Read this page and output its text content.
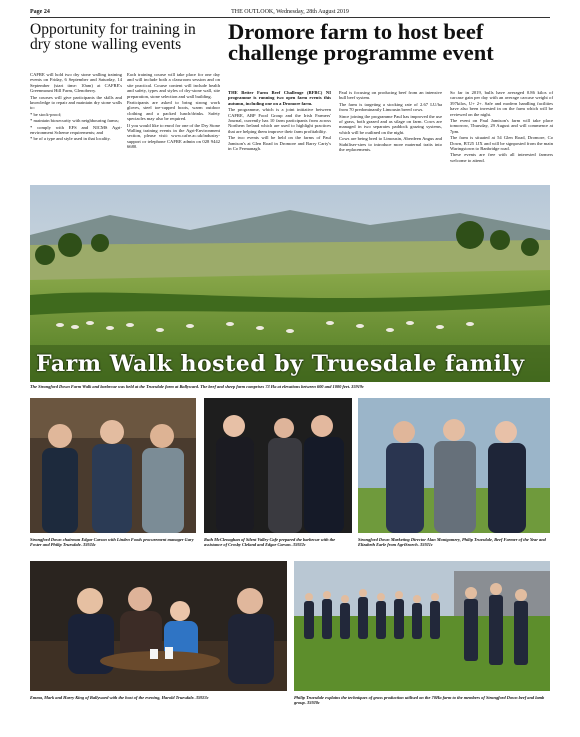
Page 24	THE OUTLOOK, Wednesday, 28th August 2019
Opportunity for training in dry stone walling events

CAFRE will hold two dry stone walling training events on Friday, 6 September and Saturday, 14 September (start time: 10am) at CAFRE's Greenmount Hill Farm, Glenoberry.

The courses will give participants the skills and knowledge to repair and maintain dry stone walls to:

* be stock-proof;

* maintain biosecurity with neighbouring farms;

* comply with EFS and NICMS Agri-environment Scheme requirements; and

* be of a type and style used in that locality.

Each training course will take place for one day and will include both a classroom session and on site practical. Course content will include health and safety, types and styles of dry-stone wall, site preparation, stone selection and wall building.

Participants are asked to bring strong work gloves, steel toe-capped boots, warm outdoor clothing and a packed lunch/drinks. Safety spectacles may also be required.

If you would like to enrol for one of the Dry Stone Walling training events in the Agri-Environment section, please visit: www.cafre.ac.uk/industry-support or telephone CAFRE admin on 028 9442 6680.

Dromore farm to host beef challenge programme event

THE Better Farm Beef Challenge (BFBC) NI programme is running two open farm events this autumn, including one on a Dromore farm.

The programme, which is a joint initiative between CAFRE, ABP Food Group and the Irish Farmers' Journal, currently has 10 farm participants from across Northern Ireland which are used to highlight practices that are helping them improve their farm profitability.

The two events will be held on the farms of Paul Jamison's at Glen Road in Dromore and Barry Carty's in Co Fermanagh.

Paul is focusing on producing beef from an intensive bull beef system.

The farm is targeting a stocking rate of 2.67 LU/ha from 70 predominantly Limousin breed cows.

Since joining the programme Paul has improved the use of grass, both grazed and as silage on farm. Cows are managed in two separates paddock grazing systems, which will be outlined on the night.

Cows are being bred to Limousin, Aberdeen Angus and Stabiliser-sires to introduce more maternal traits into the replacements.

So far in 2019, bulls have averaged 0.86 kilos of carcase gain per day with an average carcase weight of 397kilos, U+ 2+. Safe and modern handling facilities have also been invested in on the farm which will be reviewed on the night.

The event on Paul Jamison's farm will take place tomorrow, Thursday, 29 August and will commence at 7pm.

The farm is situated at 54 Glen Road, Dromore, Co Down, BT25 1JX and will be signposted from the main Waringstown to Banbridge road.

These events are free with all interested farmers welcome to attend.

Farm Walk hosted by Truesdale family
The Strangford Down Farm Walk and barbecue was held at the Truesdale farm at Ballyward. The beef and sheep farm comprises 73 Ha at elevations between 600 and 1000 feet. 35919c
Strangford Down chairman Edgar Carson with Linden Foods procurement manager Gary Foster and Philip Truesdale. 35924c
Ruth McClenaghan of Silent Valley Cafe prepared the barbecue with the assistance of Crosby Cleland and Edgar Carson. 35922c
Strangford Down Marketing Director Alan Montgomery, Philip Truesdale, Beef Farmer of the Year and Elizabeth Earle from AgriSearch. 35921c
Emma, Mark and Harry King of Ballyward with the host of the evening, Harold Truesdale. 35923c	Philip Truesdale explains the techniques of grass production utilised on the 70Ha farm to the members of Strangford Down beef and lamb group. 35920c
